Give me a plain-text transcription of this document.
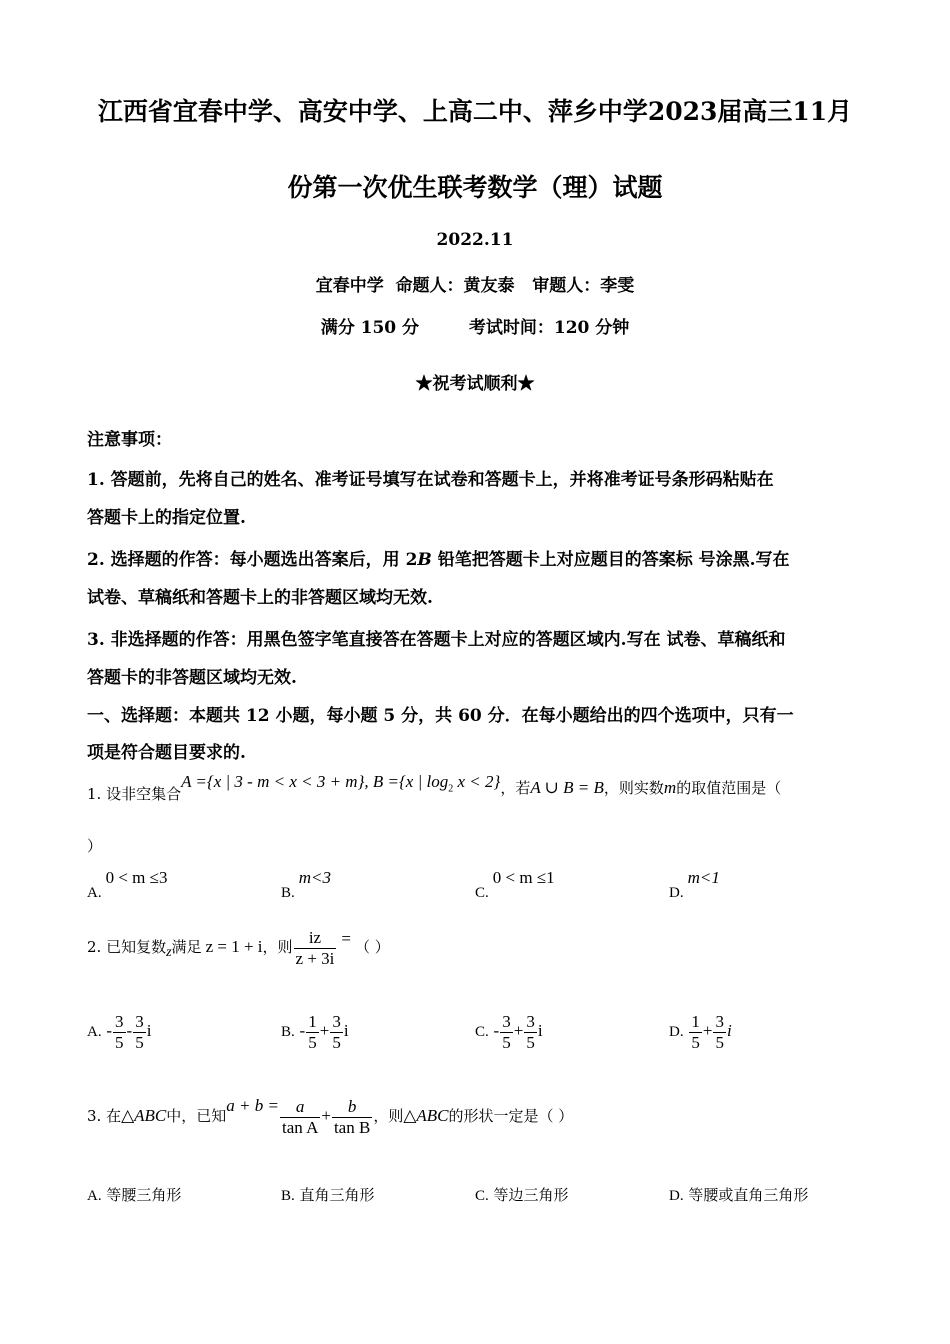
江西省宜春中学、高安中学、上高二中、萍乡中学2023届高三11月
份第一次优生联考数学（理）试题
2022.11
宜春中学  命题人：黄友泰   审题人：李雯
满分 150 分	考试时间：120 分钟
★祝考试顺利★
注意事项：
1. 答题前，先将自己的姓名、准考证号填写在试卷和答题卡上，并将准考证号条形码粘贴在
答题卡上的指定位置.
2. 选择题的作答：每小题选出答案后，用 2B 铅笔把答题卡上对应题目的答案标 号涂黑.写在
试卷、草稿纸和答题卡上的非答题区域均无效.
3. 非选择题的作答：用黑色签字笔直接答在答题卡上对应的答题区域内.写在 试卷、草稿纸和
答题卡的非答题区域均无效.
一、选择题：本题共 12 小题，每小题 5 分，共 60 分．在每小题给出的四个选项中，只有一
项是符合题目要求的.
1. 设非空集合A ={x | 3 - m < x < 3 + m}, B ={x | $\log_2 x < 2$}，若A ∪ B = B，则实数m的取值范围是（
）
A.0 < m ≤3
B.m<3
C.0 < m ≤1
D.m<1
2. 已知复数z满足 z = 1 + i，则 $\frac{iz}{z + 3i}$ = （ ）
A. - $\frac{3}{5} - \frac{3}{5}$ i	B. - $\frac{1}{5} + \frac{3}{5}$ i	C. - $\frac{3}{5} + \frac{3}{5}$ i	D. $\frac{1}{5} + \frac{3}{5}$ i
3. 在△ABC中，已知$a + b = \frac{a}{\text{tan A}} + \frac{b}{\text{tan B}}$ ，则△ABC的形状一定是（ ）
A. 等腰三角形	B. 直角三角形	C. 等边三角形	D. 等腰或直角三角形
